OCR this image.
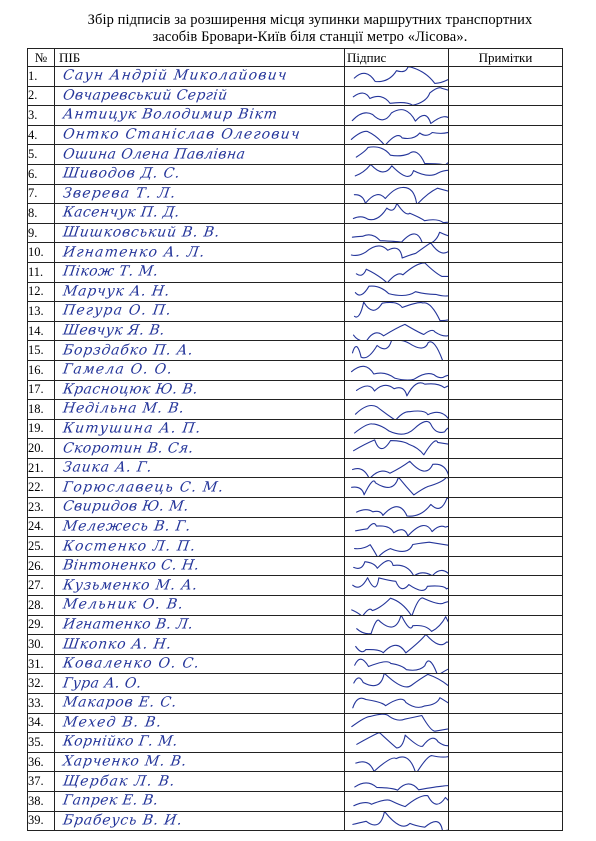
Збір підписів за розширення місця зупинки маршрутних транспортних
засобів Бровари-Київ біля станції метро «Лісова».
№	ПІБ	Підпис	Примітки
1.	Саун Андрій Миколайович

2.	Овчаревський Сергій

3.	Антицук Володимир Вікт

4.	Онтко Станіслав Олегович

5.	Ошина Олена Павлівна

6.	Шиводов Д. С.

7.	Зверева Т. Л.

8.	Касенчук П. Д.

9.	Шишковський В. В.

10.	Игнатенко А. Л.

11.	Пікож Т. М.

12.	Марчук А. Н.

13.	Пегура О. П.

14.	Шевчук Я. В.

15.	Борздабко П. А.

16.	Гамела О. О.

17.	Красноцюк Ю. В.

18.	Недільна М. В.

19.	Китушина А. П.

20.	Скоротин В. Ся.

21.	Заика А. Г.

22.	Горюславець С. М.

23.	Свиридов Ю. М.

24.	Мележесь В. Г.

25.	Костенко Л. П.

26.	Вінтоненко С. Н.

27.	Кузьменко М. А.

28.	Мельник О. В.

29.	Игнатенко В. Л.

30.	Шкопко А. Н.

31.	Коваленко О. С.

32.	Гура А. О.

33.	Макаров Е. С.

34.	Мехед В. В.

35.	Корнійко Г. М.

36.	Харченко М. В.

37.	Щербак Л. В.

38.	Гапрек Е. В.

39.	Брабеусь В. И.
